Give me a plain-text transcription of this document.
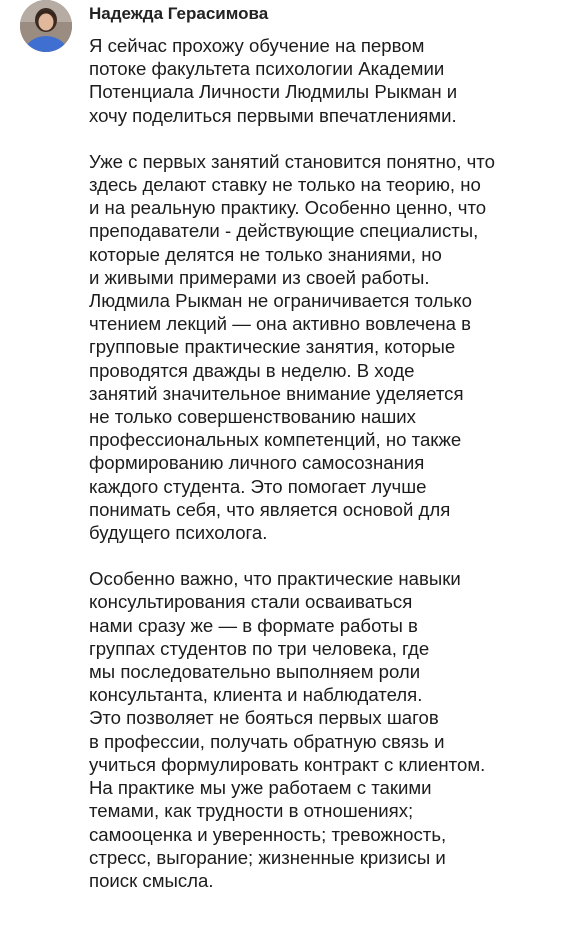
Надежда Герасимова

Я сейчас прохожу обучение на первом
потоке факультета психологии Академии
Потенциала Личности Людмилы Рыкман и
хочу поделиться первыми впечатлениями.

Уже с первых занятий становится понятно, что
здесь делают ставку не только на теорию, но
и на реальную практику. Особенно ценно, что
преподаватели - действующие специалисты,
которые делятся не только знаниями, но
и живыми примерами из своей работы.
Людмила Рыкман не ограничивается только
чтением лекций — она активно вовлечена в
групповые практические занятия, которые
проводятся дважды в неделю. В ходе
занятий значительное внимание уделяется
не только совершенствованию наших
профессиональных компетенций, но также
формированию личного самосознания
каждого студента. Это помогает лучше
понимать себя, что является основой для
будущего психолога.

Особенно важно, что практические навыки
консультирования стали осваиваться
нами сразу же — в формате работы в
группах студентов по три человека, где
мы последовательно выполняем роли
консультанта, клиента и наблюдателя.
Это позволяет не бояться первых шагов
в профессии, получать обратную связь и
учиться формулировать контракт с клиентом.
На практике мы уже работаем с такими
темами, как трудности в отношениях;
самооценка и уверенность; тревожность,
стресс, выгорание; жизненные кризисы и
поиск смысла.
